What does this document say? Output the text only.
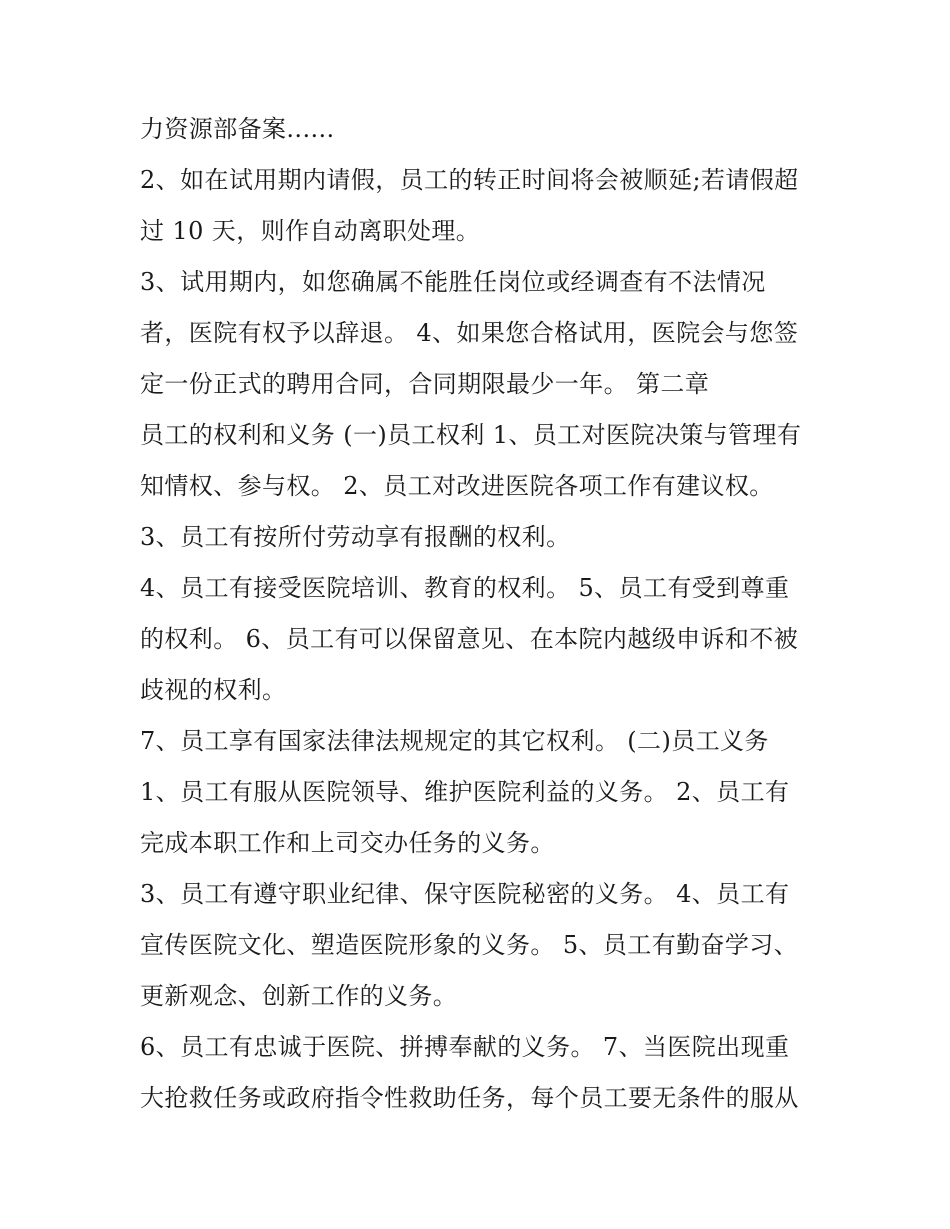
力资源部备案......
2、如在试用期内请假，员工的转正时间将会被顺延;若请假超
过 10 天，则作自动离职处理。
3、试用期内，如您确属不能胜任岗位或经调查有不法情况
者，医院有权予以辞退。 4、如果您合格试用，医院会与您签
定一份正式的聘用合同，合同期限最少一年。 第二章
员工的权利和义务 (一)员工权利 1、员工对医院决策与管理有
知情权、参与权。 2、员工对改进医院各项工作有建议权。
3、员工有按所付劳动享有报酬的权利。
4、员工有接受医院培训、教育的权利。 5、员工有受到尊重
的权利。 6、员工有可以保留意见、在本院内越级申诉和不被
歧视的权利。
7、员工享有国家法律法规规定的其它权利。 (二)员工义务
1、员工有服从医院领导、维护医院利益的义务。 2、员工有
完成本职工作和上司交办任务的义务。
3、员工有遵守职业纪律、保守医院秘密的义务。 4、员工有
宣传医院文化、塑造医院形象的义务。 5、员工有勤奋学习、
更新观念、创新工作的义务。
6、员工有忠诚于医院、拼搏奉献的义务。 7、当医院出现重
大抢救任务或政府指令性救助任务，每个员工要无条件的服从
